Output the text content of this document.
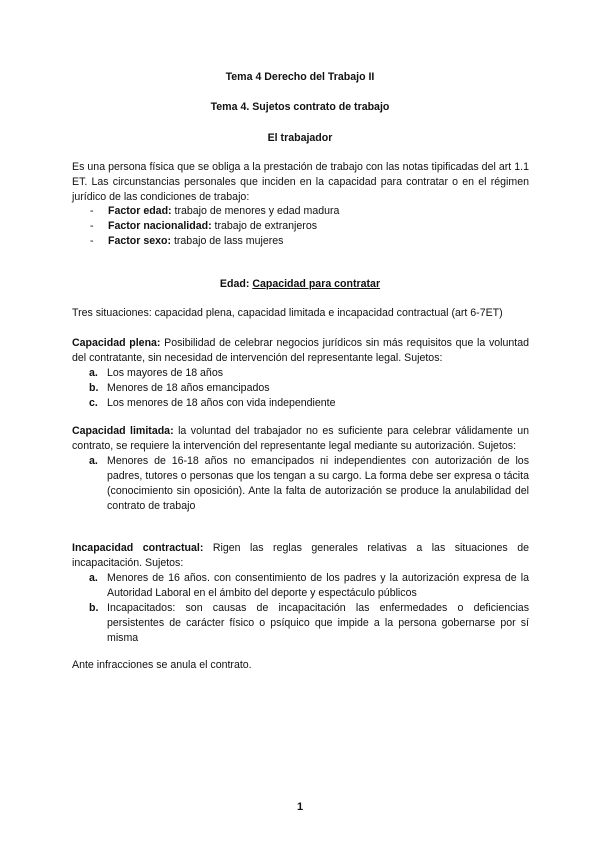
Tema 4 Derecho del Trabajo II
Tema 4. Sujetos contrato de trabajo
El trabajador
Es una persona física que se obliga a la prestación de trabajo con las notas tipificadas del art 1.1 ET. Las circunstancias personales que inciden en la capacidad para contratar o en el régimen jurídico de las condiciones de trabajo:
- Factor edad: trabajo de menores y edad madura
- Factor nacionalidad: trabajo de extranjeros
- Factor sexo: trabajo de lass mujeres
Edad: Capacidad para contratar
Tres situaciones: capacidad plena, capacidad limitada e incapacidad contractual (art 6-7ET)
Capacidad plena: Posibilidad de celebrar negocios jurídicos sin más requisitos que la voluntad del contratante, sin necesidad de intervención del representante legal. Sujetos:
a. Los mayores de 18 años
b. Menores de 18 años emancipados
c. Los menores de 18 años con vida independiente
Capacidad limitada: la voluntad del trabajador no es suficiente para celebrar válidamente un contrato, se requiere la intervención del representante legal mediante su autorización. Sujetos:
a. Menores de 16-18 años no emancipados ni independientes con autorización de los padres, tutores o personas que los tengan a su cargo. La forma debe ser expresa o tácita (conocimiento sin oposición). Ante la falta de autorización se produce la anulabilidad del contrato de trabajo
Incapacidad contractual: Rigen las reglas generales relativas a las situaciones de incapacitación. Sujetos:
a. Menores de 16 años. con consentimiento de los padres y la autorización expresa de la Autoridad Laboral en el ámbito del deporte y espectáculo públicos
b. Incapacitados: son causas de incapacitación las enfermedades o deficiencias persistentes de carácter físico o psíquico que impide a la persona gobernarse por sí misma
Ante infracciones se anula el contrato.
1
